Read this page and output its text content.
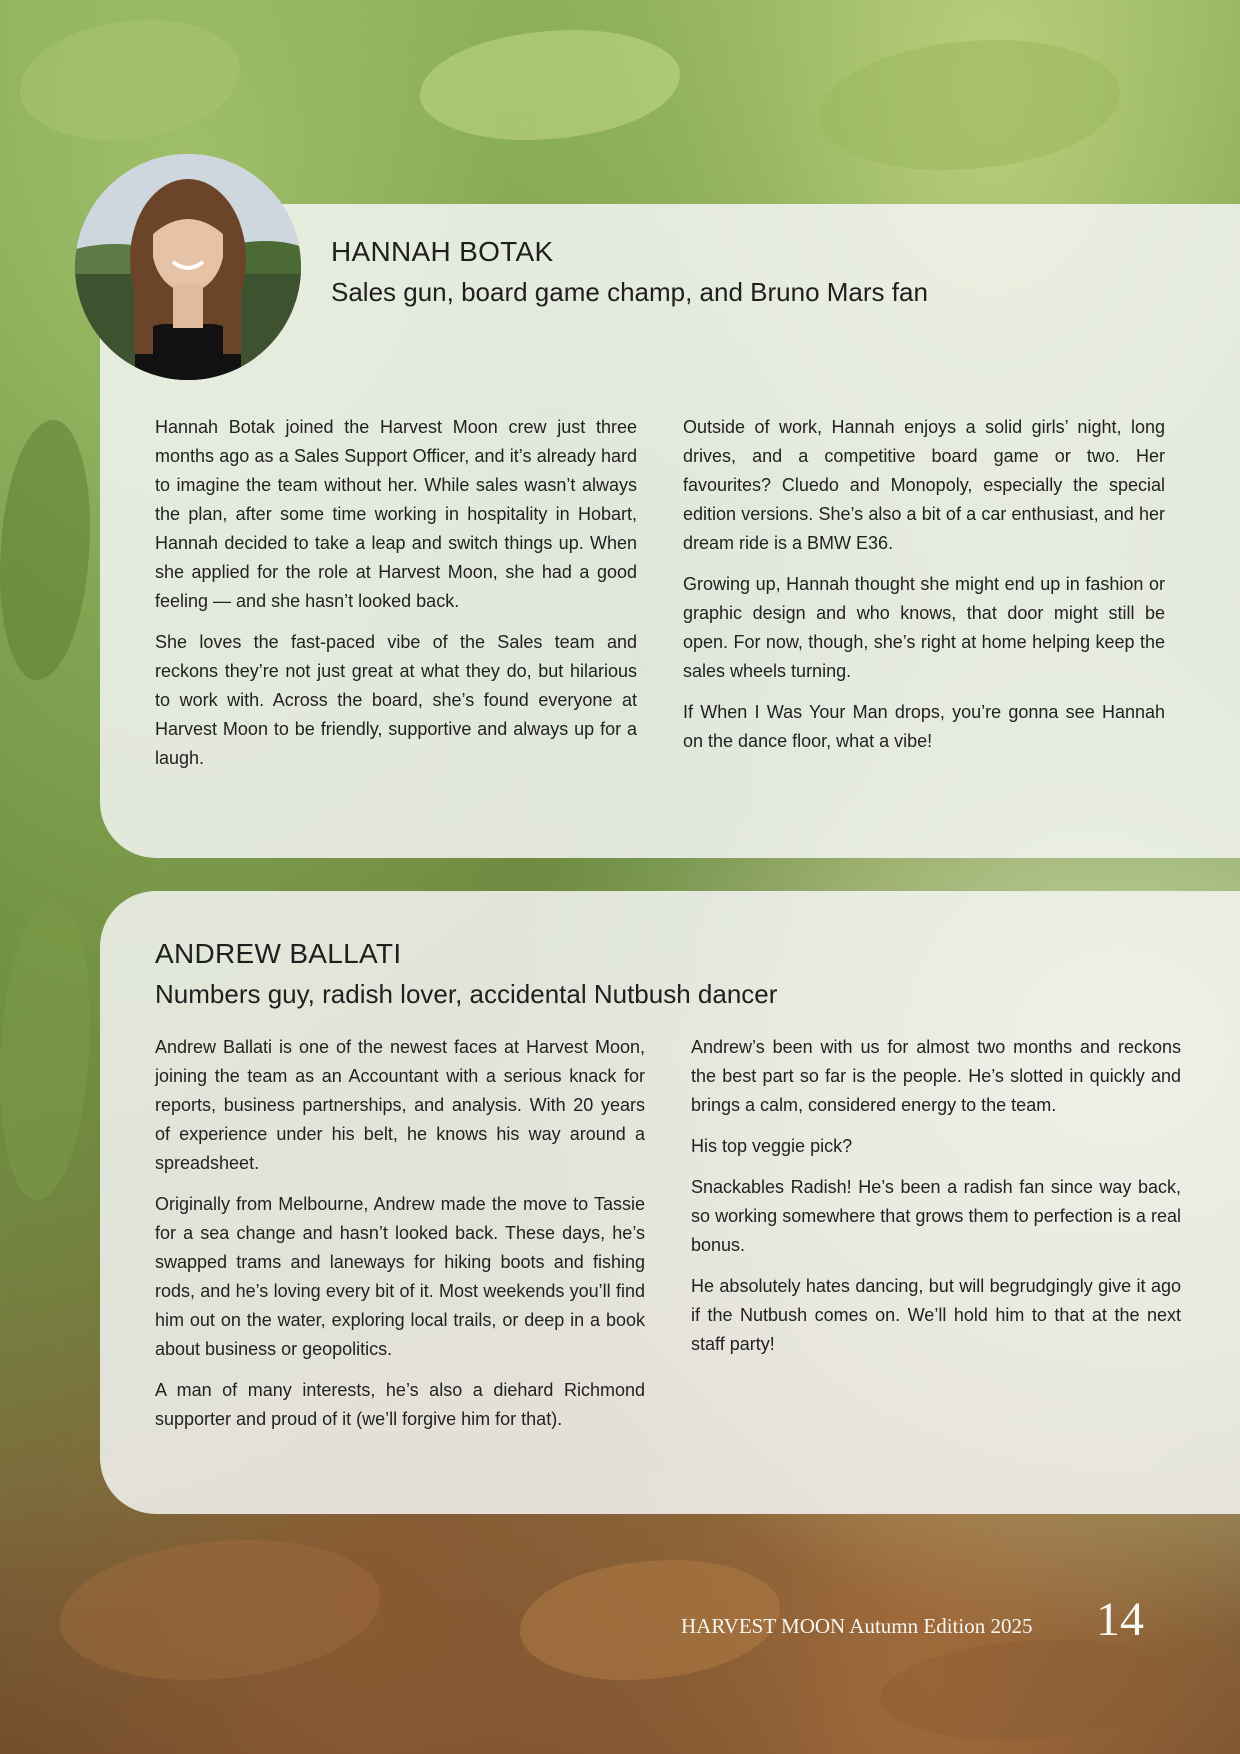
HANNAH BOTAK
Sales gun, board game champ, and Bruno Mars fan

Hannah Botak joined the Harvest Moon crew just three months ago as a Sales Support Officer, and it’s already hard to imagine the team without her. While sales wasn’t always the plan, after some time working in hospitality in Hobart, Hannah decided to take a leap and switch things up. When she applied for the role at Harvest Moon, she had a good feeling — and she hasn’t looked back.

She loves the fast-paced vibe of the Sales team and reckons they’re not just great at what they do, but hilarious to work with. Across the board, she’s found everyone at Harvest Moon to be friendly, supportive and always up for a laugh.

Outside of work, Hannah enjoys a solid girls’ night, long drives, and a competitive board game or two. Her favourites? Cluedo and Monopoly, especially the special edition versions. She’s also a bit of a car enthusiast, and her dream ride is a BMW E36.

Growing up, Hannah thought she might end up in fashion or graphic design and who knows, that door might still be open. For now, though, she’s right at home helping keep the sales wheels turning.

If When I Was Your Man drops, you’re gonna see Hannah on the dance floor, what a vibe!

ANDREW BALLATI
Numbers guy, radish lover, accidental Nutbush dancer

Andrew Ballati is one of the newest faces at Harvest Moon, joining the team as an Accountant with a serious knack for reports, business partnerships, and analysis. With 20 years of experience under his belt, he knows his way around a spreadsheet.

Originally from Melbourne, Andrew made the move to Tassie for a sea change and hasn’t looked back. These days, he’s swapped trams and laneways for hiking boots and fishing rods, and he’s loving every bit of it. Most weekends you’ll find him out on the water, exploring local trails, or deep in a book about business or geopolitics.

A man of many interests, he’s also a diehard Richmond supporter and proud of it (we’ll forgive him for that).

Andrew’s been with us for almost two months and reckons the best part so far is the people. He’s slotted in quickly and brings a calm, considered energy to the team.

His top veggie pick?

Snackables Radish! He’s been a radish fan since way back, so working somewhere that grows them to perfection is a real bonus.

He absolutely hates dancing, but will begrudgingly give it ago if the Nutbush comes on. We’ll hold him to that at the next staff party!

HARVEST MOON Autumn Edition 2025 14
